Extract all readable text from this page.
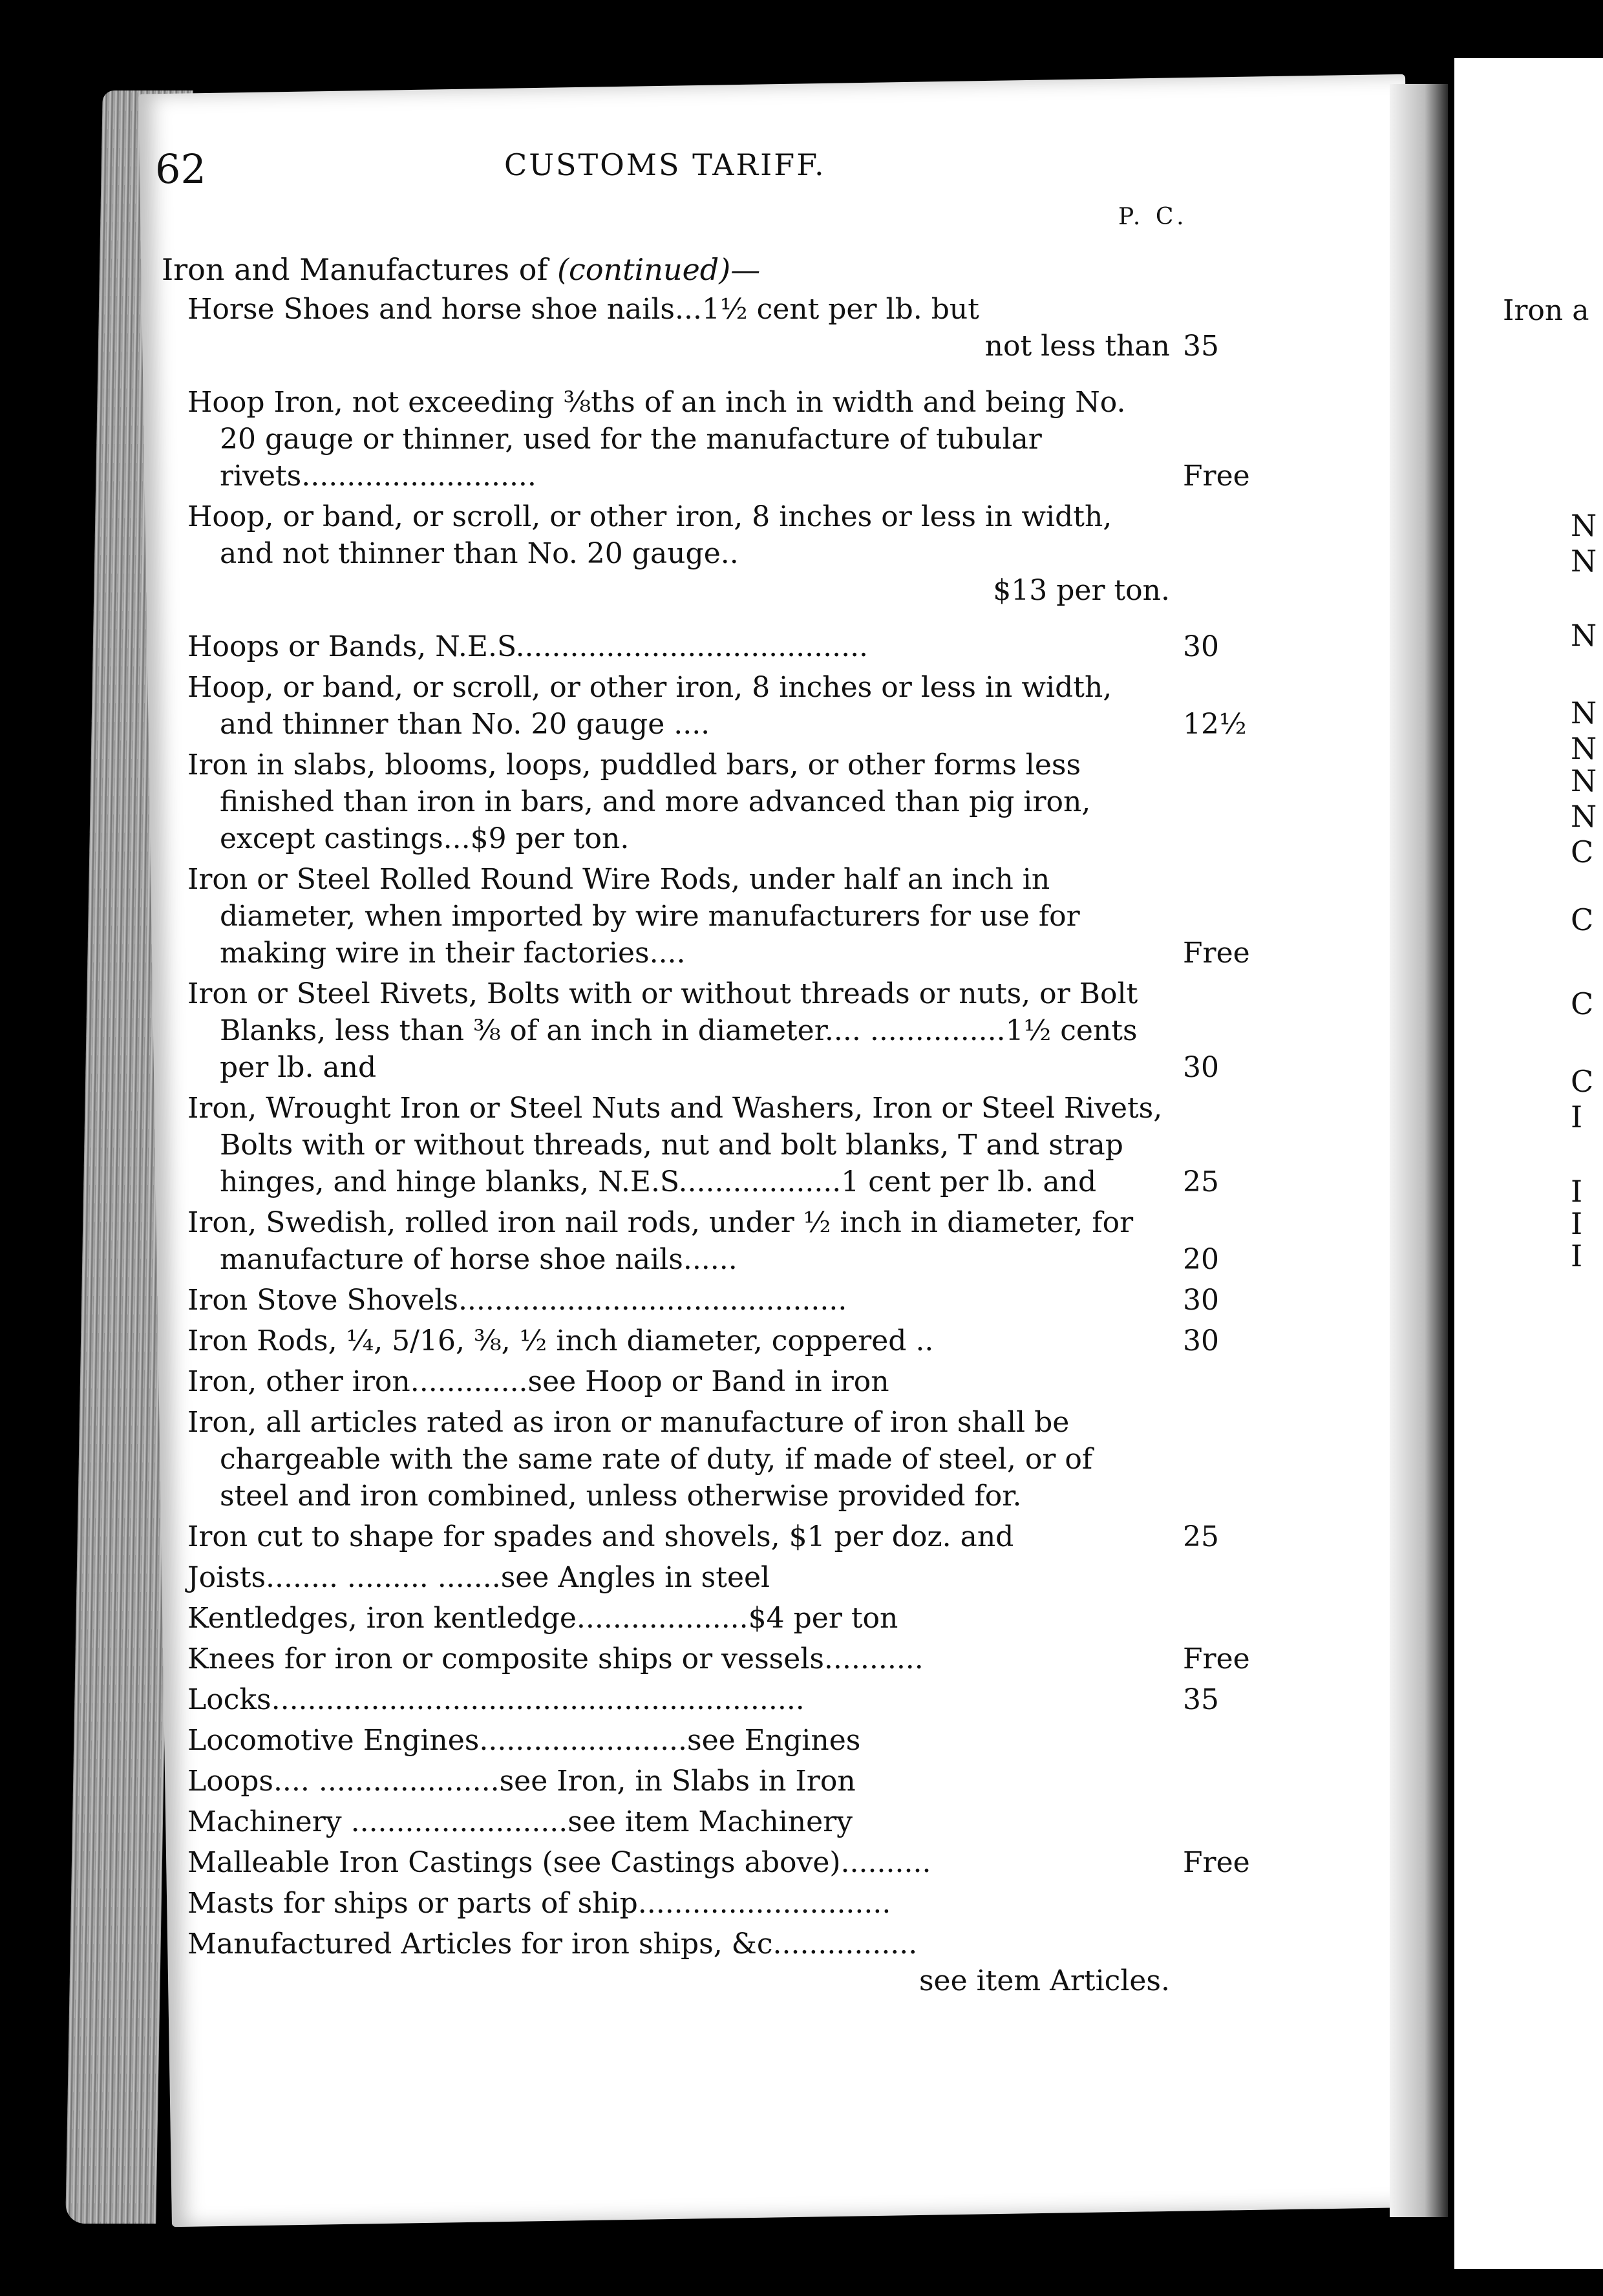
Iron a
N
N
N
N
N
N
N
C
C
C
C
I
I
I
I
62	CUSTOMS TARIFF.
P. C.
Iron and Manufactures of (continued)—
Horse Shoes and horse shoe nails...1½ cent per lb. but
not less than 35
Hoop Iron, not exceeding ⅜ths of an inch in width and being No. 20 gauge or thinner, used for the manufacture of tubular rivets..........................	Free
Hoop, or band, or scroll, or other iron, 8 inches or less in width, and not thinner than No. 20 gauge..
$13 per ton.
Hoops or Bands, N.E.S.......................................	30
Hoop, or band, or scroll, or other iron, 8 inches or less in width, and thinner than No. 20 gauge ....	12½
Iron in slabs, blooms, loops, puddled bars, or other forms less finished than iron in bars, and more advanced than pig iron, except castings...$9 per ton.
Iron or Steel Rolled Round Wire Rods, under half an inch in diameter, when imported by wire manufacturers for use for making wire in their factories....	Free
Iron or Steel Rivets, Bolts with or without threads or nuts, or Bolt Blanks, less than ⅜ of an inch in diameter.... ...............1½ cents per lb. and	30
Iron, Wrought Iron or Steel Nuts and Washers, Iron or Steel Rivets, Bolts with or without threads, nut and bolt blanks, T and strap hinges, and hinge blanks, N.E.S..................1 cent per lb. and	25
Iron, Swedish, rolled iron nail rods, under ½ inch in diameter, for manufacture of horse shoe nails......	20
Iron Stove Shovels...........................................	30
Iron Rods, ¼, 5/16, ⅜, ½ inch diameter, coppered ..	30
Iron, other iron.............see Hoop or Band in iron
Iron, all articles rated as iron or manufacture of iron shall be chargeable with the same rate of duty, if made of steel, or of steel and iron combined, unless otherwise provided for.
Iron cut to shape for spades and shovels, $1 per doz. and	25
Joists........ ......... .......see Angles in steel
Kentledges, iron kentledge...................$4 per ton
Knees for iron or composite ships or vessels...........	Free
Locks...........................................................	35
Locomotive Engines.......................see Engines
Loops.... ....................see Iron, in Slabs in Iron
Machinery ........................see item Machinery
Malleable Iron Castings (see Castings above)..........	Free
Masts for ships or parts of ship............................
Manufactured Articles for iron ships, &c................
see item Articles.
